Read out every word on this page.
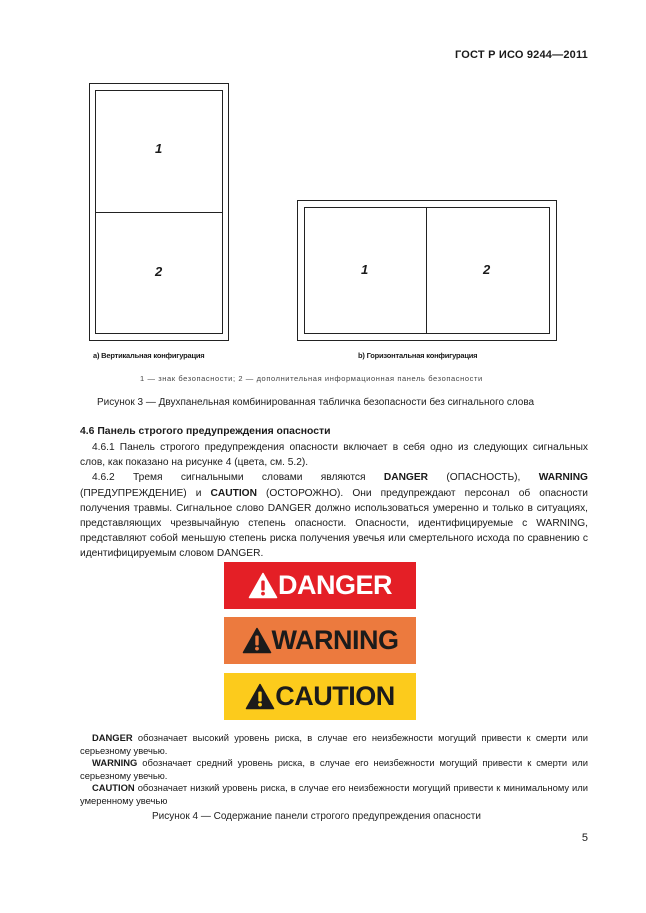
ГОСТ Р ИСО 9244—2011
1
2	1	2
a) Вертикальная конфигурация	b) Горизонтальная конфигурация
1 — знак безопасности; 2 — дополнительная информационная панель безопасности
Рисунок 3 — Двухпанельная комбинированная табличка безопасности без сигнального слова
4.6 Панель строгого предупреждения опасности

4.6.1 Панель строгого предупреждения опасности включает в себя одно из следующих сигнальных слов, как показано на рисунке 4 (цвета, см. 5.2).

4.6.2 Тремя сигнальными словами являются DANGER (ОПАСНОСТЬ), WARNING (ПРЕДУПРЕЖДЕНИЕ) и CAUTION (ОСТОРОЖНО). Они предупреждают персонал об опасности получения травмы. Сигнальное слово DANGER должно использоваться умеренно и только в ситуациях, представляющих чрезвычайную степень опасности. Опасности, идентифицируемые с WARNING, представляют собой меньшую степень риска получения увечья или смертельного исхода по сравнению с идентифицируемым словом DANGER.

DANGER
WARNING
CAUTION

DANGER обозначает высокий уровень риска, в случае его неизбежности могущий привести к смерти или серьезному увечью.

WARNING обозначает средний уровень риска, в случае его неизбежности могущий привести к смерти или серьезному увечью.

CAUTION обозначает низкий уровень риска, в случае его неизбежности могущий привести к минимальному или умеренному увечью

Рисунок 4 — Содержание панели строгого предупреждения опасности
5
